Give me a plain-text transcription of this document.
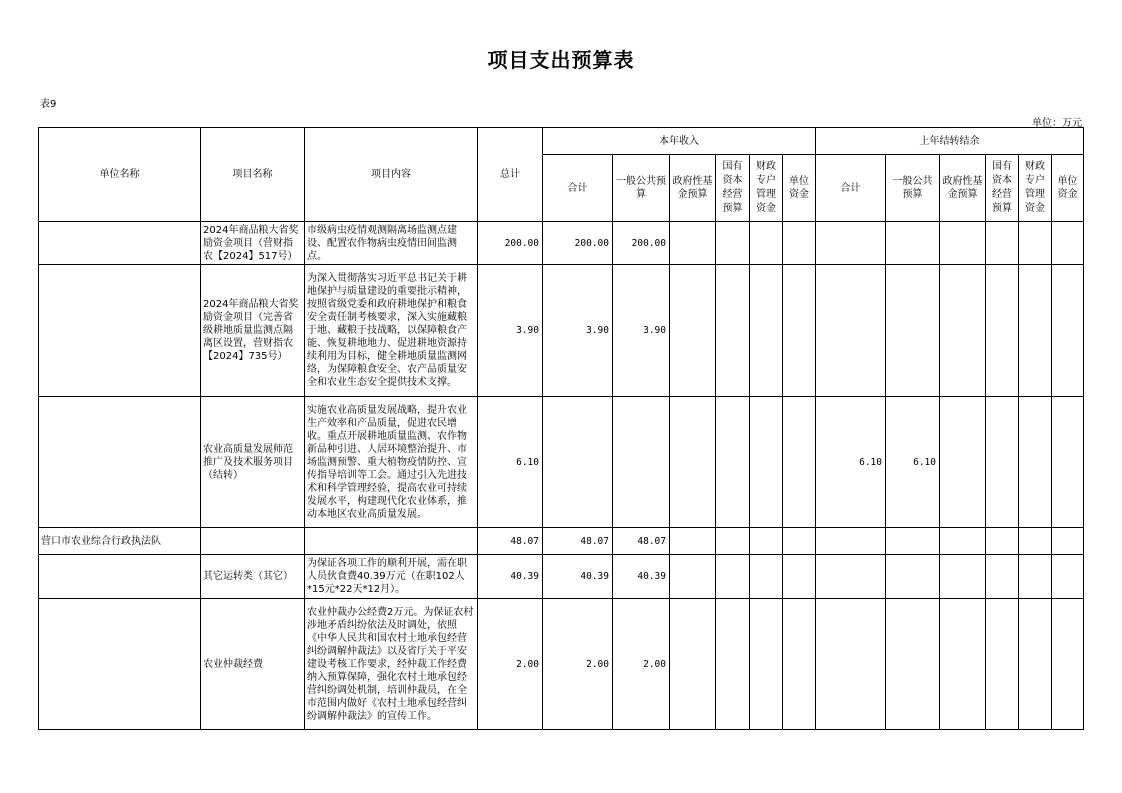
项目支出预算表
表9
单位：万元
单位名称	项目名称	项目内容	总计	本年收入						上年结转结余					
				合计	一般公共预算	政府性基金预算	国有资本经营预算	财政专户管理资金	单位资金	合计	一般公共预算	政府性基金预算	国有资本经营预算	财政专户管理资金	单位资金
	2024年商品粮大省奖励资金项目（营财指农【2024】517号）	市级病虫疫情观测隔离场监测点建设、配置农作物病虫疫情田间监测点。	200.00	200.00	200.00										
	2024年商品粮大省奖励资金项目（完善省级耕地质量监测点隔离区设置，营财指农【2024】735号）	为深入贯彻落实习近平总书记关于耕地保护与质量建设的重要批示精神，按照省级党委和政府耕地保护和粮食安全责任制考核要求，深入实施藏粮于地、藏粮于技战略，以保障粮食产能、恢复耕地地力、促进耕地资源持续利用为目标，健全耕地质量监测网络，为保障粮食安全、农产品质量安全和农业生态安全提供技术支撑。	3.90	3.90	3.90										
	农业高质量发展师范推广及技术服务项目（结转）	实施农业高质量发展战略，提升农业生产效率和产品质量，促进农民增收。重点开展耕地质量监测、农作物新品种引进、人居环境整治提升、市场监测预警、重大植物疫情防控、宣传指导培训等工会。通过引入先进技术和科学管理经验，提高农业可持续发展水平，构建现代化农业体系，推动本地区农业高质量发展。	6.10							6.10	6.10				
营口市农业综合行政执法队			48.07	48.07	48.07										
	其它运转类（其它）	为保证各项工作的顺利开展，需在职人员伙食费40.39万元（在职102人*15元*22天*12月）。	40.39	40.39	40.39										
	农业仲裁经费	农业仲裁办公经费2万元。为保证农村涉地矛盾纠纷依法及时调处，依照《中华人民共和国农村土地承包经营纠纷调解仲裁法》以及省厅关于平安建设考核工作要求，经仲裁工作经费纳入预算保障，强化农村土地承包经营纠纷调处机制，培训仲裁员，在全市范围内做好《农村土地承包经营纠纷调解仲裁法》的宣传工作。	2.00	2.00	2.00										
